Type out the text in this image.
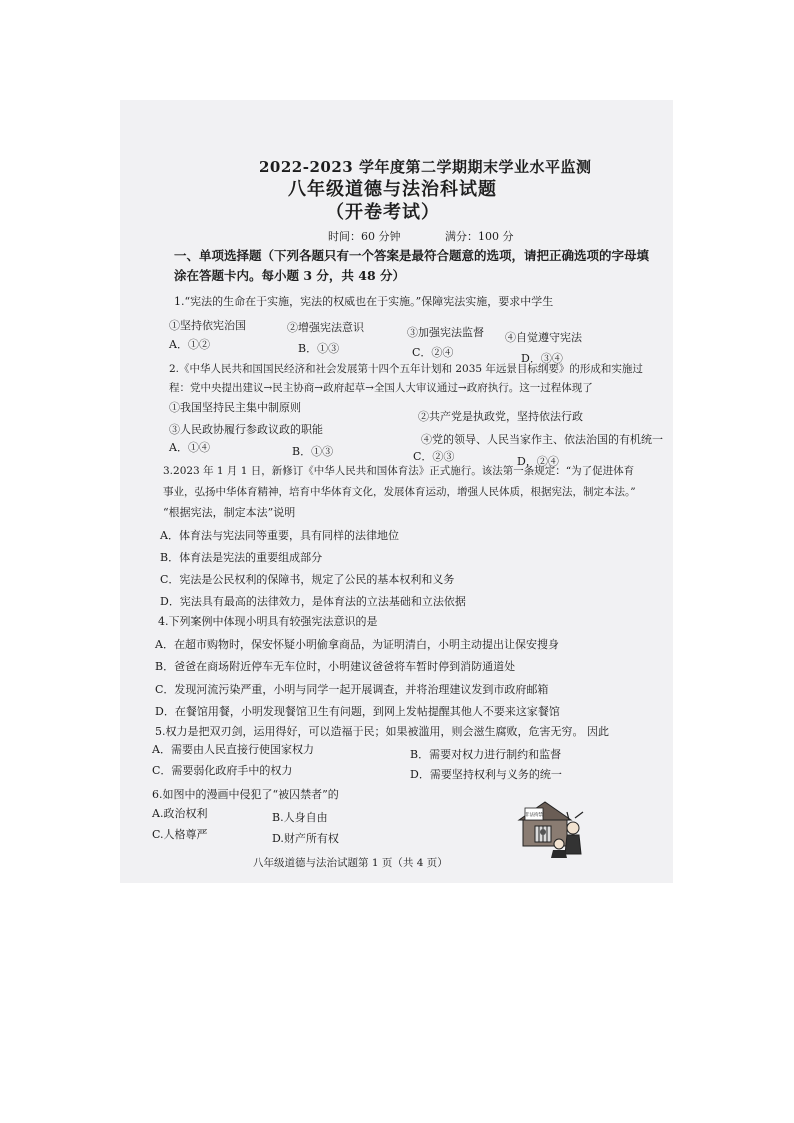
2022-2023 学年度第二学期期末学业水平监测
八年级道德与法治科试题
（开卷考试）
时间：60 分钟	满分：100 分
一、单项选择题（下列各题只有一个答案是最符合题意的选项，请把正确选项的字母填
涂在答题卡内。每小题 3 分，共 48 分）
1.“宪法的生命在于实施，宪法的权威也在于实施。”保障宪法实施，要求中学生
①坚持依宪治国	②增强宪法意识	③加强宪法监督 ④自觉遵守宪法
A．①②	B．①③	C．②④	D．③④
2.《中华人民共和国国民经济和社会发展第十四个五年计划和 2035 年远景目标纲要》的形成和实施过
程：党中央提出建议→民主协商→政府起草→全国人大审议通过→政府执行。这一过程体现了
①我国坚持民主集中制原则
②共产党是执政党，坚持依法行政
③人民政协履行参政议政的职能
④党的领导、人民当家作主、依法治国的有机统一
A．①④	B．①③	C．②③	D．②④
3.2023 年 1 月 1 日，新修订《中华人民共和国体育法》正式施行。该法第一条规定：“为了促进体育
事业，弘扬中华体育精神，培育中华体育文化，发展体育运动，增强人民体质，根据宪法，制定本法。”
“根据宪法，制定本法”说明
A．体育法与宪法同等重要，具有同样的法律地位
B．体育法是宪法的重要组成部分
C．宪法是公民权利的保障书，规定了公民的基本权利和义务
D．宪法具有最高的法律效力，是体育法的立法基础和立法依据
4.下列案例中体现小明具有较强宪法意识的是
A．在超市购物时，保安怀疑小明偷拿商品，为证明清白，小明主动提出让保安搜身
B．爸爸在商场附近停车无车位时，小明建议爸爸将车暂时停到消防通道处
C．发现河流污染严重，小明与同学一起开展调查，并将治理建议发到市政府邮箱
D．在餐馆用餐，小明发现餐馆卫生有问题，到网上发帖提醒其他人不要来这家餐馆
5.权力是把双刃剑，运用得好，可以造福于民；如果被滥用，则会滋生腐败，危害无穷。 因此
A．需要由人民直接行使国家权力	B．需要对权力进行制约和监督
C．需要弱化政府手中的权力	D．需要坚持权利与义务的统一
6.如图中的漫画中侵犯了“被囚禁者”的
A.政治权利	B.人身自由
C.人格尊严	D.财产所有权
非法拘禁
八年级道德与法治试题第 1 页（共 4 页）
